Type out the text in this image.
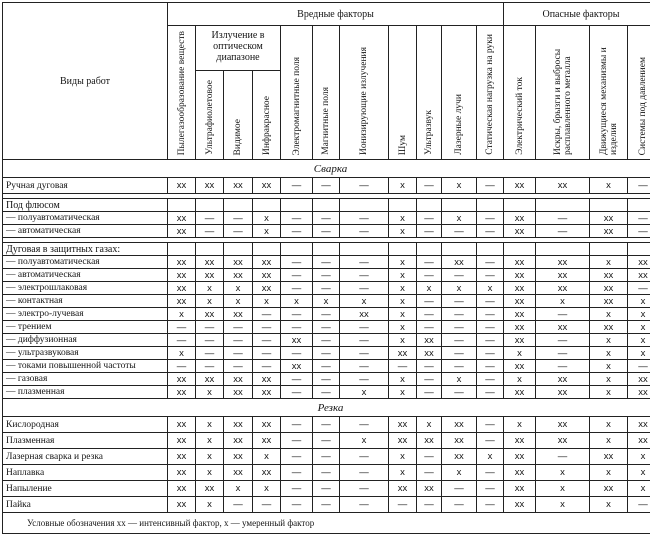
Виды работ	Вредные факторы											Опасные факторы			

	Пылегазообразование веществ	Излучение в оптическом диапазоне			Электромагнитные поля	Магнитные поля	Ионизирующие излучения	Шум	Ультразвук	Лазерные лучи	Статическая нагрузка на руки	Электрический ток	Искры, брызги и выбросы расплавленного металла	Движущиеся механизмы и изделия	Системы под давлением

		Ультрафиолетовое	Видимое	Инфракрасное											

Сварка															
Ручная дуговая	xx	xx	xx	xx	—	—	—	x	—	x	—	xx	xx	x	—

Под флюсом															
— полуавтоматическая	xx	—	—	x	—	—	—	x	—	x	—	xx	—	xx	—
— автоматическая	xx	—	—	x	—	—	—	x	—	—	—	xx	—	xx	—

Дуговая в защитных газах:															
— полуавтоматическая	xx	xx	xx	xx	—	—	—	x	—	xx	—	xx	xx	x	xx
— автоматическая	xx	xx	xx	xx	—	—	—	x	—	—	—	xx	xx	xx	xx
— электрошлаковая	xx	x	x	xx	—	—	—	x	x	x	x	xx	xx	xx	—
— контактная	xx	x	x	x	x	x	x	x	—	—	—	xx	x	xx	x
— электро-лучевая	x	xx	xx	—	—	—	xx	x	—	—	—	xx	—	x	x
— трением	—	—	—	—	—	—	—	x	—	—	—	xx	xx	xx	x
— диффузионная	—	—	—	—	xx	—	—	x	xx	—	—	xx	—	x	x
— ультразвуковая	x	—	—	—	—	—	—	xx	xx	—	—	x	—	x	x
— токами повышенной частоты	—	—	—	—	xx	—	—	—	—	—	—	xx	—	x	—
— газовая	xx	xx	xx	xx	—	—	—	x	—	x	—	x	xx	x	xx
— плазменная	xx	x	xx	xx	—	—	x	x	—	—	—	xx	xx	x	xx
Резка															
Кислородная	xx	x	xx	xx	—	—	—	xx	x	xx	—	x	xx	x	xx
Плазменная	xx	x	xx	xx	—	—	x	xx	xx	xx	—	xx	xx	x	xx
Лазерная сварка и резка	xx	x	xx	x	—	—	—	x	—	xx	x	xx	—	xx	x
Наплавка	xx	x	xx	xx	—	—	—	x	—	x	—	xx	x	x	x
Напыление	xx	xx	x	x	—	—	—	xx	xx	—	—	xx	x	xx	x
Пайка	xx	x	—	—	—	—	—	—	—	—	—	xx	x	x	—
Условные обозначения xx — интенсивный фактор, x — умеренный фактор															
